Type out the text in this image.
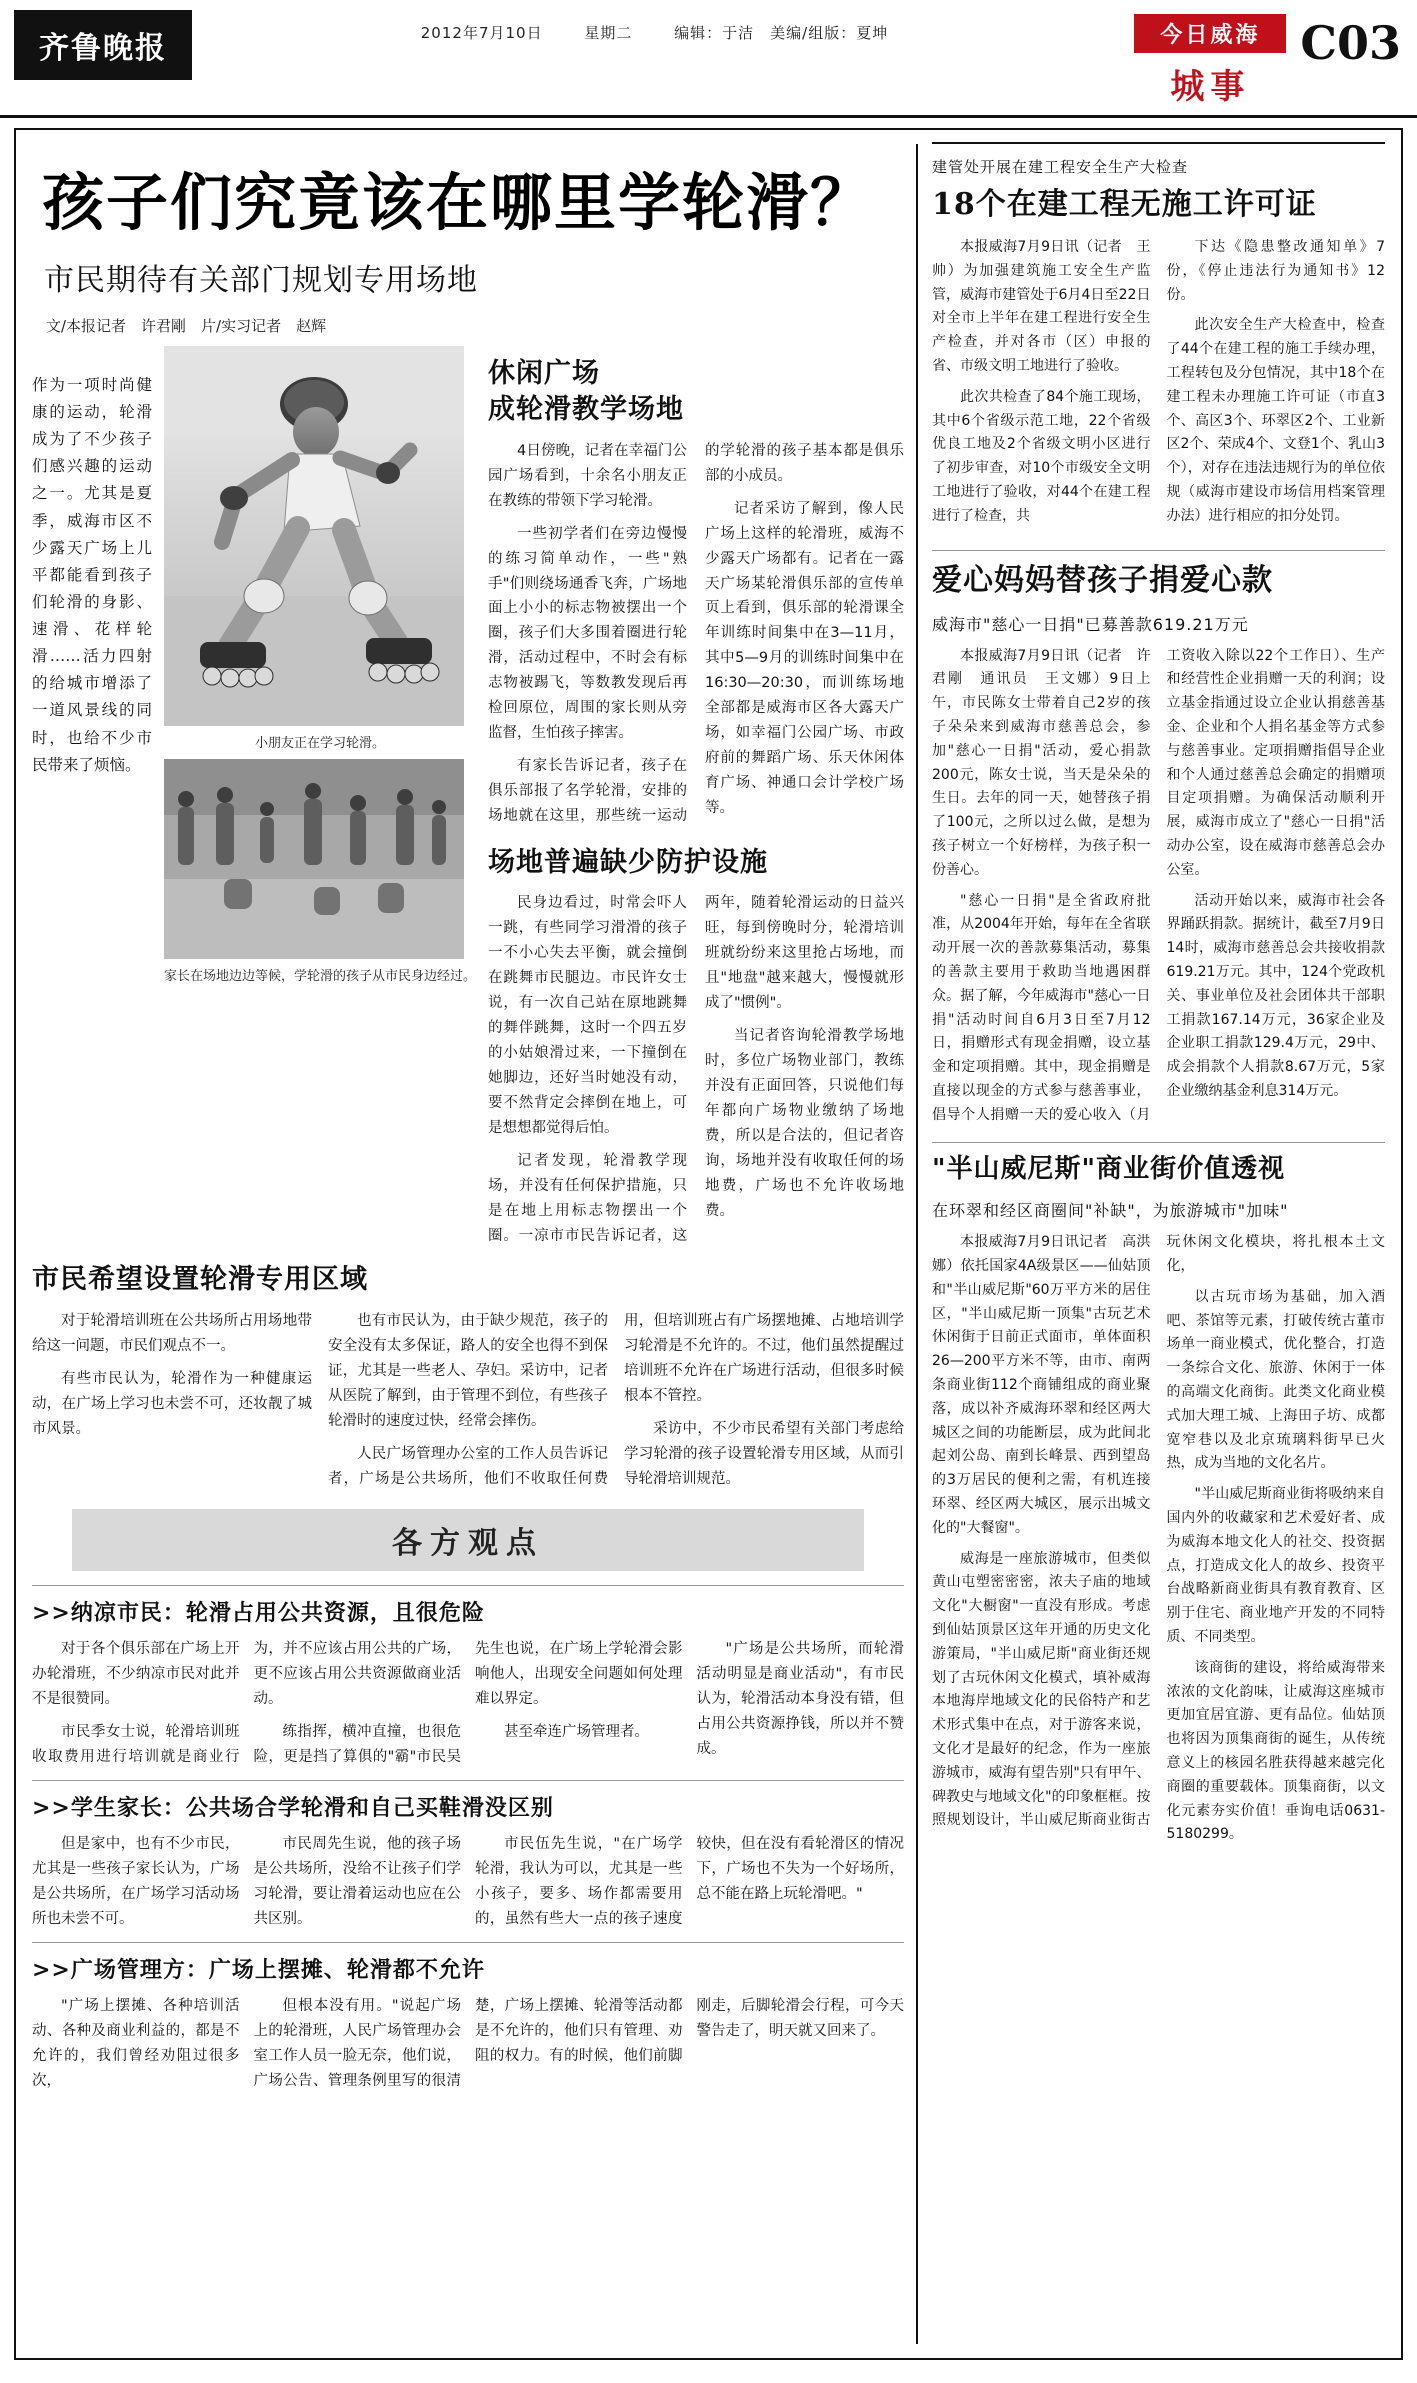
齐鲁晚报	2012年7月10日	星期二	编辑：于洁　美编/组版：夏坤	今日威海
城事
C03
孩子们究竟该在哪里学轮滑？
市民期待有关部门规划专用场地
文/本报记者　许君剛　片/实习记者　赵辉
作为一项时尚健康的运动，轮滑成为了不少孩子们感兴趣的运动之一。尤其是夏季，威海市区不少露天广场上儿平都能看到孩子们轮滑的身影、速滑、花样轮滑……活力四射的给城市增添了一道风景线的同时，也给不少市民带来了烦恼。
小朋友正在学习轮滑。
家长在场地边边等候，学轮滑的孩子从市民身边经过。
休闲广场
成轮滑教学场地

4日傍晚，记者在幸福门公园广场看到，十余名小朋友正在教练的带领下学习轮滑。

一些初学者们在旁边慢慢的练习简单动作，一些"熟手"们则绕场通香飞奔，广场地面上小小的标志物被摆出一个圈，孩子们大多围着圈进行轮滑，活动过程中，不时会有标志物被踢飞，等数教发现后再检回原位，周围的家长则从旁监督，生怕孩子摔害。

有家长告诉记者，孩子在俱乐部报了名学轮滑，安排的场地就在这里，那些统一运动的学轮滑的孩子基本都是俱乐部的小成员。

记者采访了解到，像人民广场上这样的轮滑班，威海不少露天广场都有。记者在一露天广场某轮滑俱乐部的宣传单页上看到，俱乐部的轮滑课全年训练时间集中在3—11月，其中5—9月的训练时间集中在16:30—20:30，而训练场地全部都是威海市区各大露天广场，如幸福门公园广场、市政府前的舞蹈广场、乐天休闲体育广场、神通口会计学校广场等。

场地普遍缺少防护设施

民身边看过，时常会吓人一跳，有些同学习滑滑的孩子一不小心失去平衡，就会撞倒在跳舞市民腿边。市民许女士说，有一次自己站在原地跳舞的舞伴跳舞，这时一个四五岁的小姑娘滑过来，一下撞倒在她脚边，还好当时她没有动，要不然背定会摔倒在地上，可是想想都觉得后怕。

记者发现，轮滑教学现场，并没有任何保护措施，只是在地上用标志物摆出一个圈。一凉市市民告诉记者，这两年，随着轮滑运动的日益兴旺，每到傍晚时分，轮滑培训班就纷纷来这里抢占场地，而且"地盘"越来越大，慢慢就形成了"惯例"。

当记者咨询轮滑教学场地时，多位广场物业部门，教练并没有正面回答，只说他们每年都向广场物业缴纳了场地费，所以是合法的，但记者咨询，场地并没有收取任何的场地费，广场也不允许收场地费。

市民希望设置轮滑专用区域

对于轮滑培训班在公共场所占用场地带给这一问题，市民们观点不一。

有些市民认为，轮滑作为一种健康运动，在广场上学习也未尝不可，还妆靓了城市风景。

也有市民认为，由于缺少规范，孩子的安全没有太多保证，路人的安全也得不到保证，尤其是一些老人、孕妇。采访中，记者从医院了解到，由于管理不到位，有些孩子轮滑时的速度过快，经常会摔伤。

人民广场管理办公室的工作人员告诉记者，广场是公共场所，他们不收取任何费用，但培训班占有广场摆地摊、占地培训学习轮滑是不允许的。不过，他们虽然提醒过培训班不允许在广场进行活动，但很多时候根本不管控。

采访中，不少市民希望有关部门考虑给学习轮滑的孩子设置轮滑专用区域，从而引导轮滑培训规范。

各方观点
>>纳凉市民：轮滑占用公共资源，且很危险

对于各个俱乐部在广场上开办轮滑班，不少纳凉市民对此并不是很赞同。

市民季女士说，轮滑培训班收取费用进行培训就是商业行为，并不应该占用公共的广场，更不应该占用公共资源做商业活动。

练指挥，横冲直撞，也很危险，更是挡了算俱的"霸"市民吴先生也说，在广场上学轮滑会影响他人，出现安全问题如何处理难以界定。

甚至牵连广场管理者。

"广场是公共场所，而轮滑活动明显是商业活动"，有市民认为，轮滑活动本身没有错，但占用公共资源挣钱，所以并不赞成。

>>学生家长：公共场合学轮滑和自己买鞋滑没区别

但是家中，也有不少市民，尤其是一些孩子家长认为，广场是公共场所，在广场学习活动场所也未尝不可。

市民周先生说，他的孩子场是公共场所，没给不让孩子们学习轮滑，要让滑着运动也应在公共区别。

市民伍先生说，"在广场学轮滑，我认为可以，尤其是一些小孩子，要多、场作都需要用的，虽然有些大一点的孩子速度较快，但在没有看轮滑区的情况下，广场也不失为一个好场所，总不能在路上玩轮滑吧。"

>>广场管理方：广场上摆摊、轮滑都不允许

"广场上摆摊、各种培训活动、各种及商业利益的，都是不允许的，我们曾经劝阻过很多次，

但根本没有用。"说起广场上的轮滑班，人民广场管理办会室工作人员一脸无奈，他们说，广场公告、管理条例里写的很清楚，广场上摆摊、轮滑等活动都是不允许的，他们只有管理、劝阻的权力。有的时候，他们前脚刚走，后脚轮滑会行程，可今天警告走了，明天就又回来了。

建管处开展在建工程安全生产大检查
18个在建工程无施工许可证

本报威海7月9日讯（记者　王帅）为加强建筑施工安全生产监管，威海市建管处于6月4日至22日对全市上半年在建工程进行安全生产检查，并对各市（区）申报的省、市级文明工地进行了验收。

此次共检查了84个施工现场，其中6个省级示范工地，22个省级优良工地及2个省级文明小区进行了初步审查，对10个市级安全文明工地进行了验收，对44个在建工程进行了检查，共

下达《隐患整改通知单》7份，《停止违法行为通知书》12份。

此次安全生产大检查中，检查了44个在建工程的施工手续办理，工程转包及分包情况，其中18个在建工程未办理施工许可证（市直3个、高区3个、环翠区2个、工业新区2个、荣成4个、文登1个、乳山3个），对存在违法违规行为的单位依规（威海市建设市场信用档案管理办法）进行相应的扣分处罚。

爱心妈妈替孩子捐爱心款
威海市"慈心一日捐"已募善款619.21万元

本报威海7月9日讯（记者　许君剛　通讯员　王文娜）9日上午，市民陈女士带着自己2岁的孩子朵朵来到威海市慈善总会，参加"慈心一日捐"活动，爱心捐款200元，陈女士说，当天是朵朵的生日。去年的同一天，她替孩子捐了100元，之所以过么做，是想为孩子树立一个好榜样，为孩子积一份善心。

"慈心一日捐"是全省政府批准，从2004年开始，每年在全省联动开展一次的善款募集活动，募集的善款主要用于救助当地遇困群众。据了解，今年威海市"慈心一日捐"活动时间自6月3日至7月12日，捐赠形式有现金捐赠，设立基金和定项捐赠。其中，现金捐赠是直接以现金的方式参与慈善事业，倡导个人捐赠一天的爱心收入（月工资收入除以22个工作日）、生产和经营性企业捐赠一天的利润；设立基金指通过设立企业认捐慈善基金、企业和个人捐名基金等方式参与慈善事业。定项捐赠指倡导企业和个人通过慈善总会确定的捐赠项目定项捐赠。为确保活动顺利开展，威海市成立了"慈心一日捐"活动办公室，设在威海市慈善总会办公室。

活动开始以来，威海市社会各界踊跃捐款。据统计，截至7月9日14时，威海市慈善总会共接收捐款619.21万元。其中，124个党政机关、事业单位及社会团体共干部职工捐款167.14万元，36家企业及企业职工捐款129.4万元，29中、成会捐款个人捐款8.67万元，5家企业缴纳基金利息314万元。

"半山威尼斯"商业街价值透视
在环翠和经区商圈间"补缺"，为旅游城市"加味"

本报威海7月9日讯记者　高洪娜）依托国家4A级景区——仙姑顶和"半山威尼斯"60万平方米的居住区，"半山威尼斯一顶集"古玩艺术休闲街于日前正式面市，单体面积26—200平方米不等，由市、南两条商业街112个商铺组成的商业聚落，成以补齐威海环翠和经区两大城区之间的功能断层，成为此间北起刘公岛、南到长峰景、西到望岛的3万居民的便利之需，有机连接环翠、经区两大城区，展示出城文化的"大餐窗"。

威海是一座旅游城市，但类似黄山屯塑密密密，浓夫子庙的地域文化"大橱窗"一直没有形成。考虑到仙姑顶景区这年开通的历史文化游策局，"半山威尼斯"商业街还规划了古玩休闲文化模式，填补威海本地海岸地域文化的民俗特产和艺术形式集中在点，对于游客来说，文化才是最好的纪念，作为一座旅游城市，威海有望告别"只有甲午、碑教史与地域文化"的印象框框。按照规划设计，半山威尼斯商业街古玩休闲文化模块，将扎根本土文化，

以古玩市场为基础，加入酒吧、茶馆等元素，打破传统古董市场单一商业模式，优化整合，打造一条综合文化、旅游、休闲于一体的高端文化商街。此类文化商业模式加大理工城、上海田子坊、成都宽窄巷以及北京琉璃料街早已火热，成为当地的文化名片。

"半山威尼斯商业街将吸纳来自国内外的收藏家和艺术爱好者、成为威海本地文化人的社交、投资据点，打造成文化人的故乡、投资平台战略新商业街具有教育教育、区别于住宅、商业地产开发的不同特质、不同类型。

该商街的建设，将给威海带来浓浓的文化韵味，让威海这座城市更加宜居宜游、更有品位。仙姑顶也将因为顶集商街的诞生，从传统意义上的核园名胜获得越来越完化商圈的重要载体。顶集商街，以文化元素夯实价值！垂询电话0631-5180299。
